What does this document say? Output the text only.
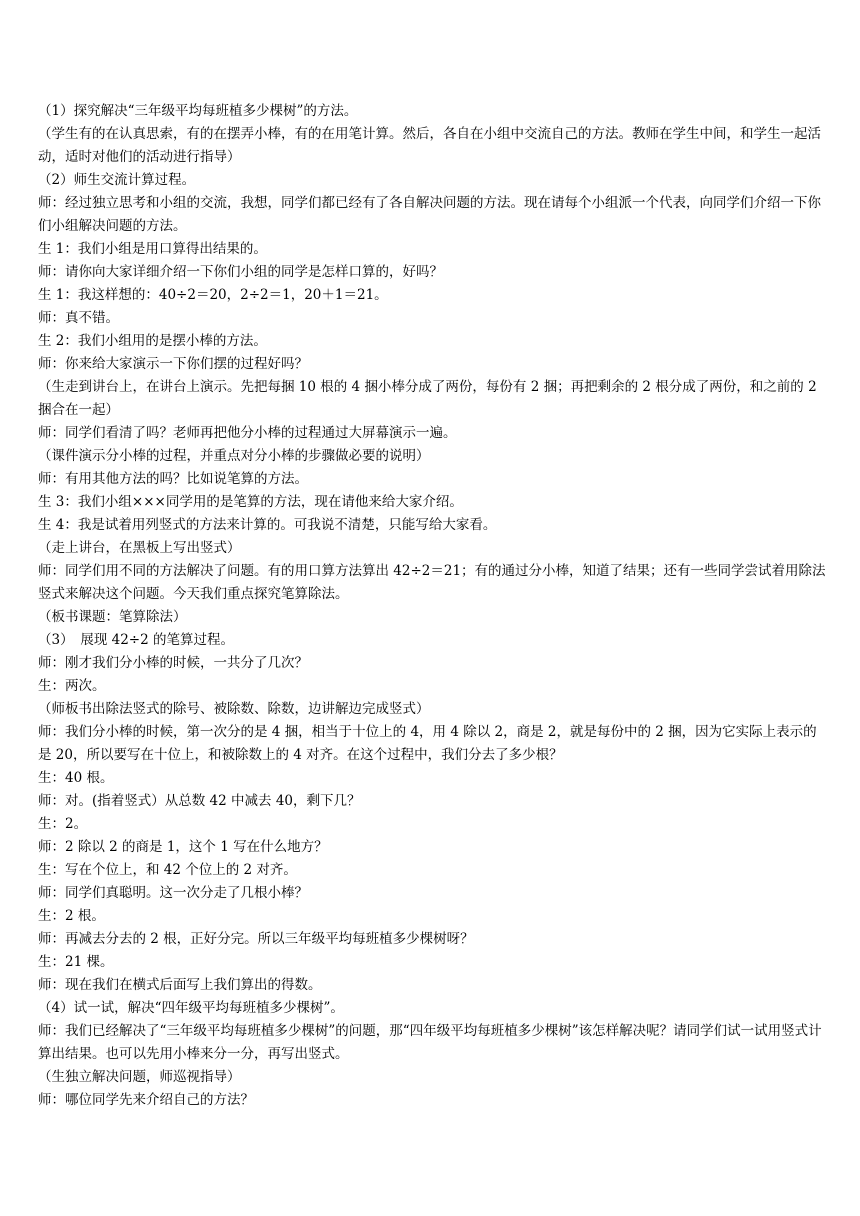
（1）探究解决“三年级平均每班植多少棵树”的方法。

（学生有的在认真思索，有的在摆弄小棒，有的在用笔计算。然后，各自在小组中交流自己的方法。教师在学生中间，和学生一起活动，适时对他们的活动进行指导）

（2）师生交流计算过程。

师：经过独立思考和小组的交流，我想，同学们都已经有了各自解决问题的方法。现在请每个小组派一个代表，向同学们介绍一下你们小组解决问题的方法。

生 1：我们小组是用口算得出结果的。

师：请你向大家详细介绍一下你们小组的同学是怎样口算的，好吗？

生 1：我这样想的：40÷2＝20，2÷2＝1，20＋1＝21。

师：真不错。

生 2：我们小组用的是摆小棒的方法。

师：你来给大家演示一下你们摆的过程好吗？

（生走到讲台上，在讲台上演示。先把每捆 10 根的 4 捆小棒分成了两份，每份有 2 捆；再把剩余的 2 根分成了两份，和之前的 2 捆合在一起）

师：同学们看清了吗？老师再把他分小棒的过程通过大屏幕演示一遍。

（课件演示分小棒的过程，并重点对分小棒的步骤做必要的说明）

师：有用其他方法的吗？比如说笔算的方法。

生 3：我们小组×××同学用的是笔算的方法，现在请他来给大家介绍。

生 4：我是试着用列竖式的方法来计算的。可我说不清楚，只能写给大家看。

（走上讲台，在黑板上写出竖式）

师：同学们用不同的方法解决了问题。有的用口算方法算出 42÷2＝21；有的通过分小棒，知道了结果；还有一些同学尝试着用除法竖式来解决这个问题。今天我们重点探究笔算除法。

（板书课题：笔算除法）

（3）　展现 42÷2 的笔算过程。

师：刚才我们分小棒的时候，一共分了几次？

生：两次。

（师板书出除法竖式的除号、被除数、除数，边讲解边完成竖式）

师：我们分小棒的时候，第一次分的是 4 捆，相当于十位上的 4，用 4 除以 2，商是 2，就是每份中的 2 捆，因为它实际上表示的是 20，所以要写在十位上，和被除数上的 4 对齐。在这个过程中，我们分去了多少根？

生：40 根。

师：对。(指着竖式）从总数 42 中减去 40，剩下几？

生：2。

师：2 除以 2 的商是 1，这个 1 写在什么地方？

生：写在个位上，和 42 个位上的 2 对齐。

师：同学们真聪明。这一次分走了几根小棒？

生：2 根。

师：再减去分去的 2 根，正好分完。所以三年级平均每班植多少棵树呀？

生：21 棵。

师：现在我们在横式后面写上我们算出的得数。

（4）试一试，解决“四年级平均每班植多少棵树”。

师：我们已经解决了“三年级平均每班植多少棵树”的问题，那“四年级平均每班植多少棵树”该怎样解决呢？请同学们试一试用竖式计算出结果。也可以先用小棒来分一分，再写出竖式。

（生独立解决问题，师巡视指导）

师：哪位同学先来介绍自己的方法？
